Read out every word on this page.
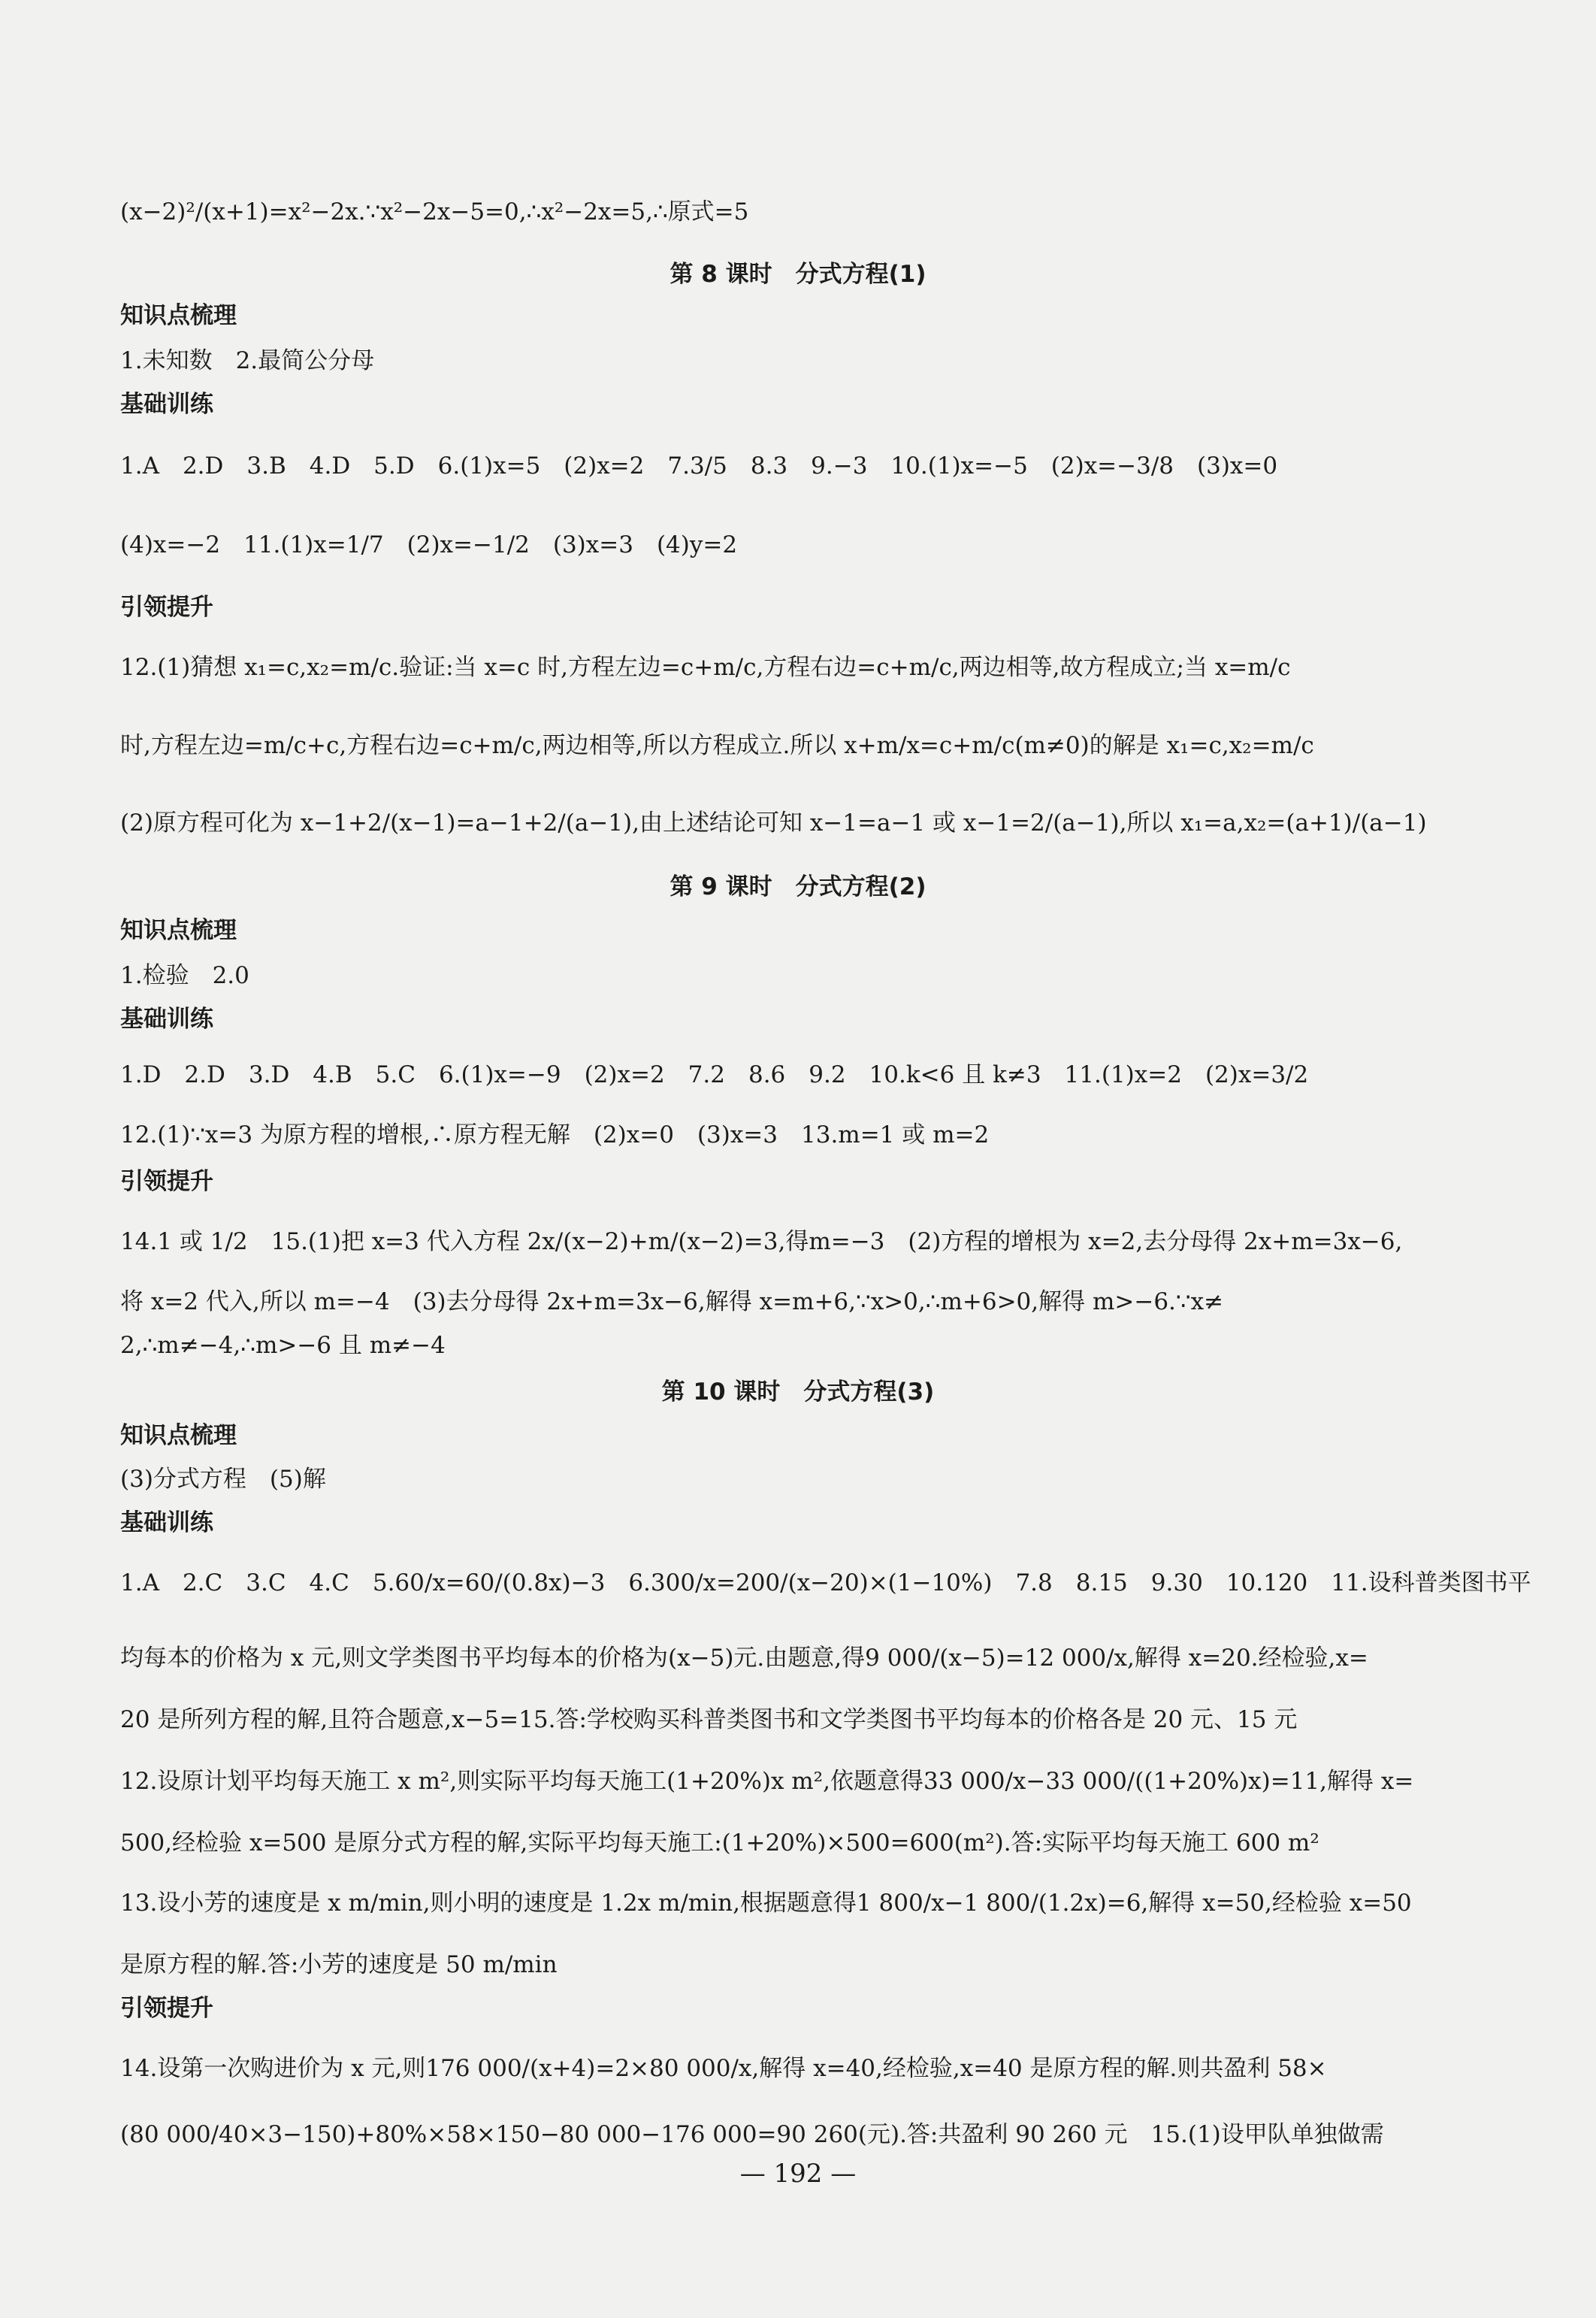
(x−2)²/(x+1)=x²−2x.∵x²−2x−5=0,∴x²−2x=5,∴原式=5
第 8 课时　分式方程(1)
知识点梳理
1.未知数　2.最简公分母
基础训练
1.A　2.D　3.B　4.D　5.D　6.(1)x=5　(2)x=2　7.3/5　8.3　9.−3　10.(1)x=−5　(2)x=−3/8　(3)x=0
(4)x=−2　11.(1)x=1/7　(2)x=−1/2　(3)x=3　(4)y=2
引领提升
12.(1)猜想 x₁=c,x₂=m/c.验证:当 x=c 时,方程左边=c+m/c,方程右边=c+m/c,两边相等,故方程成立;当 x=m/c
时,方程左边=m/c+c,方程右边=c+m/c,两边相等,所以方程成立.所以 x+m/x=c+m/c(m≠0)的解是 x₁=c,x₂=m/c
(2)原方程可化为 x−1+2/(x−1)=a−1+2/(a−1),由上述结论可知 x−1=a−1 或 x−1=2/(a−1),所以 x₁=a,x₂=(a+1)/(a−1)
第 9 课时　分式方程(2)
知识点梳理
1.检验　2.0
基础训练
1.D　2.D　3.D　4.B　5.C　6.(1)x=−9　(2)x=2　7.2　8.6　9.2　10.k<6 且 k≠3　11.(1)x=2　(2)x=3/2
12.(1)∵x=3 为原方程的增根,∴原方程无解　(2)x=0　(3)x=3　13.m=1 或 m=2
引领提升
14.1 或 1/2　15.(1)把 x=3 代入方程 2x/(x−2)+m/(x−2)=3,得m=−3　(2)方程的增根为 x=2,去分母得 2x+m=3x−6,
将 x=2 代入,所以 m=−4　(3)去分母得 2x+m=3x−6,解得 x=m+6,∵x>0,∴m+6>0,解得 m>−6.∵x≠
2,∴m≠−4,∴m>−6 且 m≠−4
第 10 课时　分式方程(3)
知识点梳理
(3)分式方程　(5)解
基础训练
1.A　2.C　3.C　4.C　5.60/x=60/(0.8x)−3　6.300/x=200/(x−20)×(1−10%)　7.8　8.15　9.30　10.120　11.设科普类图书平
均每本的价格为 x 元,则文学类图书平均每本的价格为(x−5)元.由题意,得9 000/(x−5)=12 000/x,解得 x=20.经检验,x=
20 是所列方程的解,且符合题意,x−5=15.答:学校购买科普类图书和文学类图书平均每本的价格各是 20 元、15 元
12.设原计划平均每天施工 x m²,则实际平均每天施工(1+20%)x m²,依题意得33 000/x−33 000/((1+20%)x)=11,解得 x=
500,经检验 x=500 是原分式方程的解,实际平均每天施工:(1+20%)×500=600(m²).答:实际平均每天施工 600 m²
13.设小芳的速度是 x m/min,则小明的速度是 1.2x m/min,根据题意得1 800/x−1 800/(1.2x)=6,解得 x=50,经检验 x=50
是原方程的解.答:小芳的速度是 50 m/min
引领提升
14.设第一次购进价为 x 元,则176 000/(x+4)=2×80 000/x,解得 x=40,经检验,x=40 是原方程的解.则共盈利 58×
(80 000/40×3−150)+80%×58×150−80 000−176 000=90 260(元).答:共盈利 90 260 元　15.(1)设甲队单独做需
— 192 —
